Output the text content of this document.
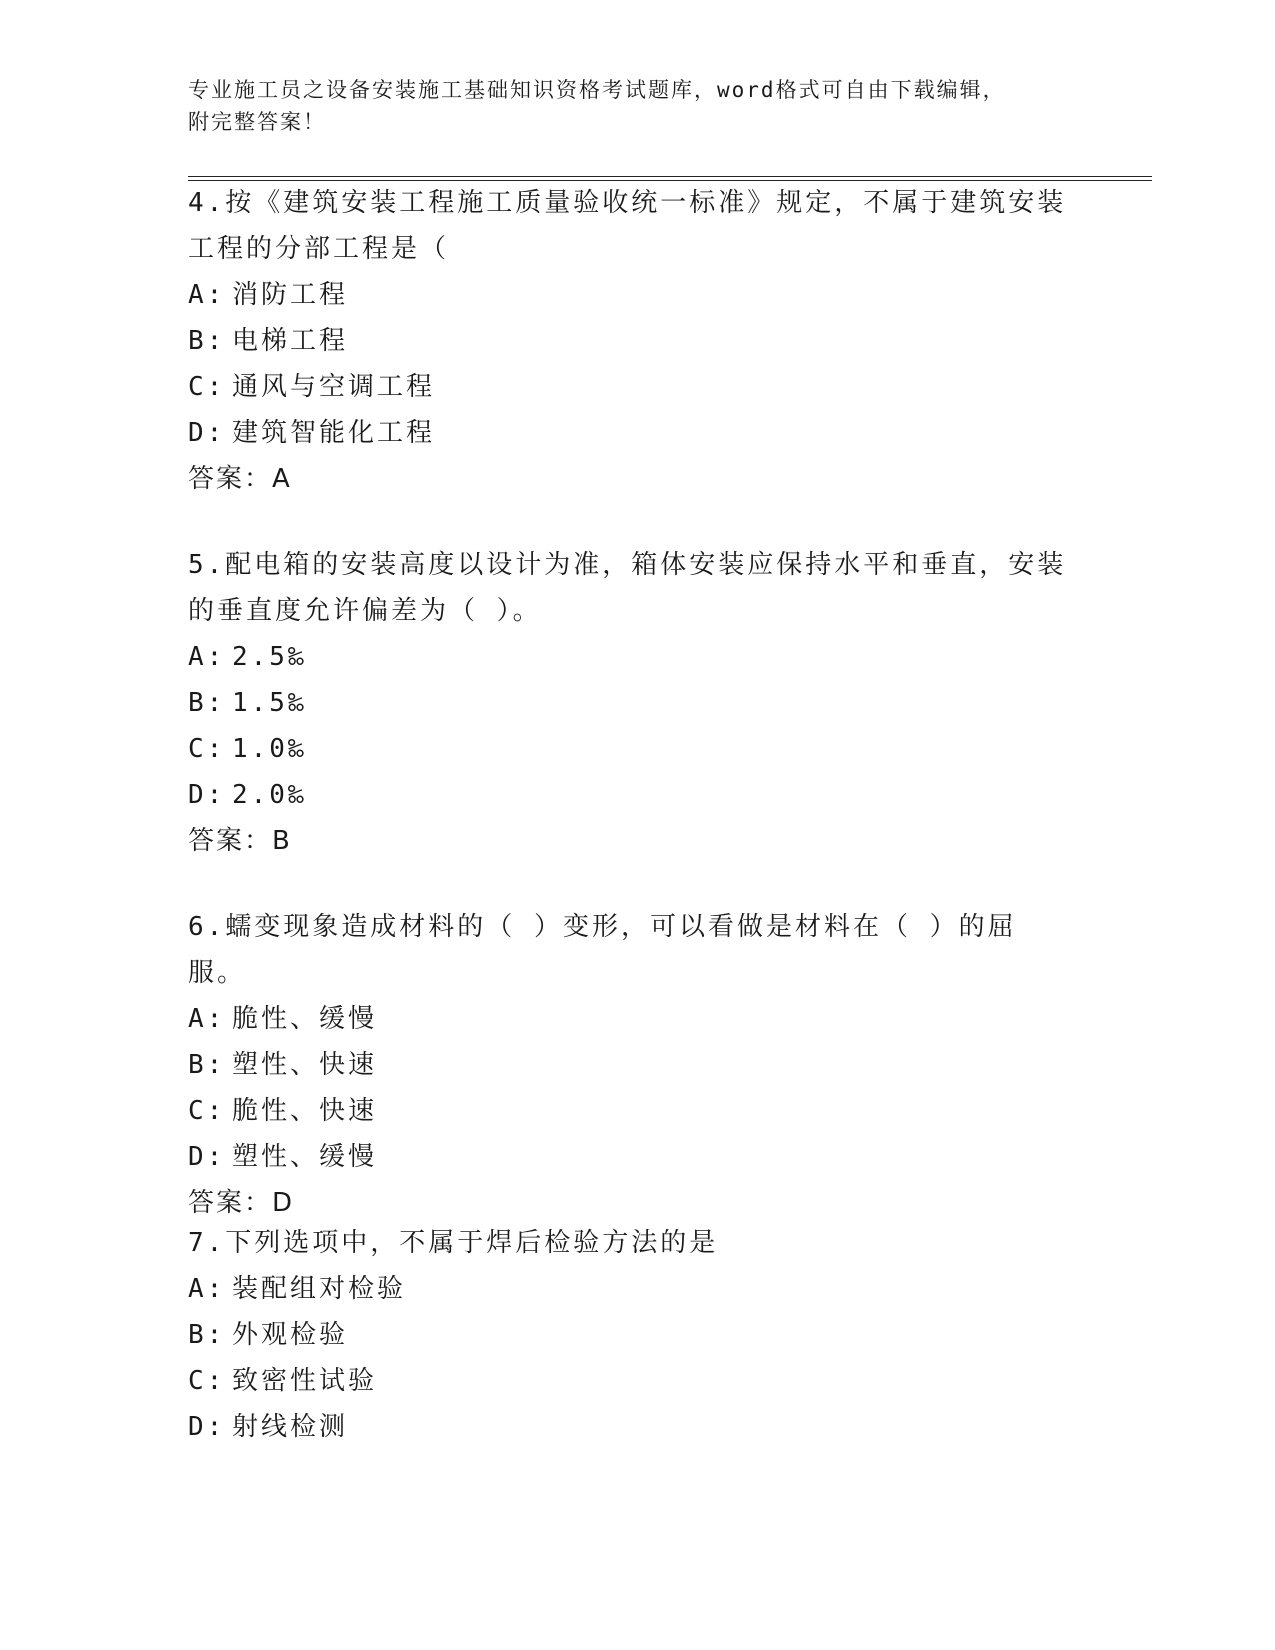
专业施工员之设备安装施工基础知识资格考试题库，word格式可自由下载编辑，
附完整答案！
4.按《建筑安装工程施工质量验收统一标准》规定，不属于建筑安装
工程的分部工程是（
A: 消防工程
B: 电梯工程
C: 通风与空调工程
D: 建筑智能化工程
答案：A
5.配电箱的安装高度以设计为准，箱体安装应保持水平和垂直，安装
的垂直度允许偏差为（ ）。
A: 2.5‰
B: 1.5‰
C: 1.0‰
D: 2.0‰
答案：B
6.蠕变现象造成材料的（ ）变形，可以看做是材料在（ ）的屈服。
A: 脆性、缓慢
B: 塑性、快速
C: 脆性、快速
D: 塑性、缓慢
答案：D
7.下列选项中，不属于焊后检验方法的是
A: 装配组对检验
B: 外观检验
C: 致密性试验
D: 射线检测
